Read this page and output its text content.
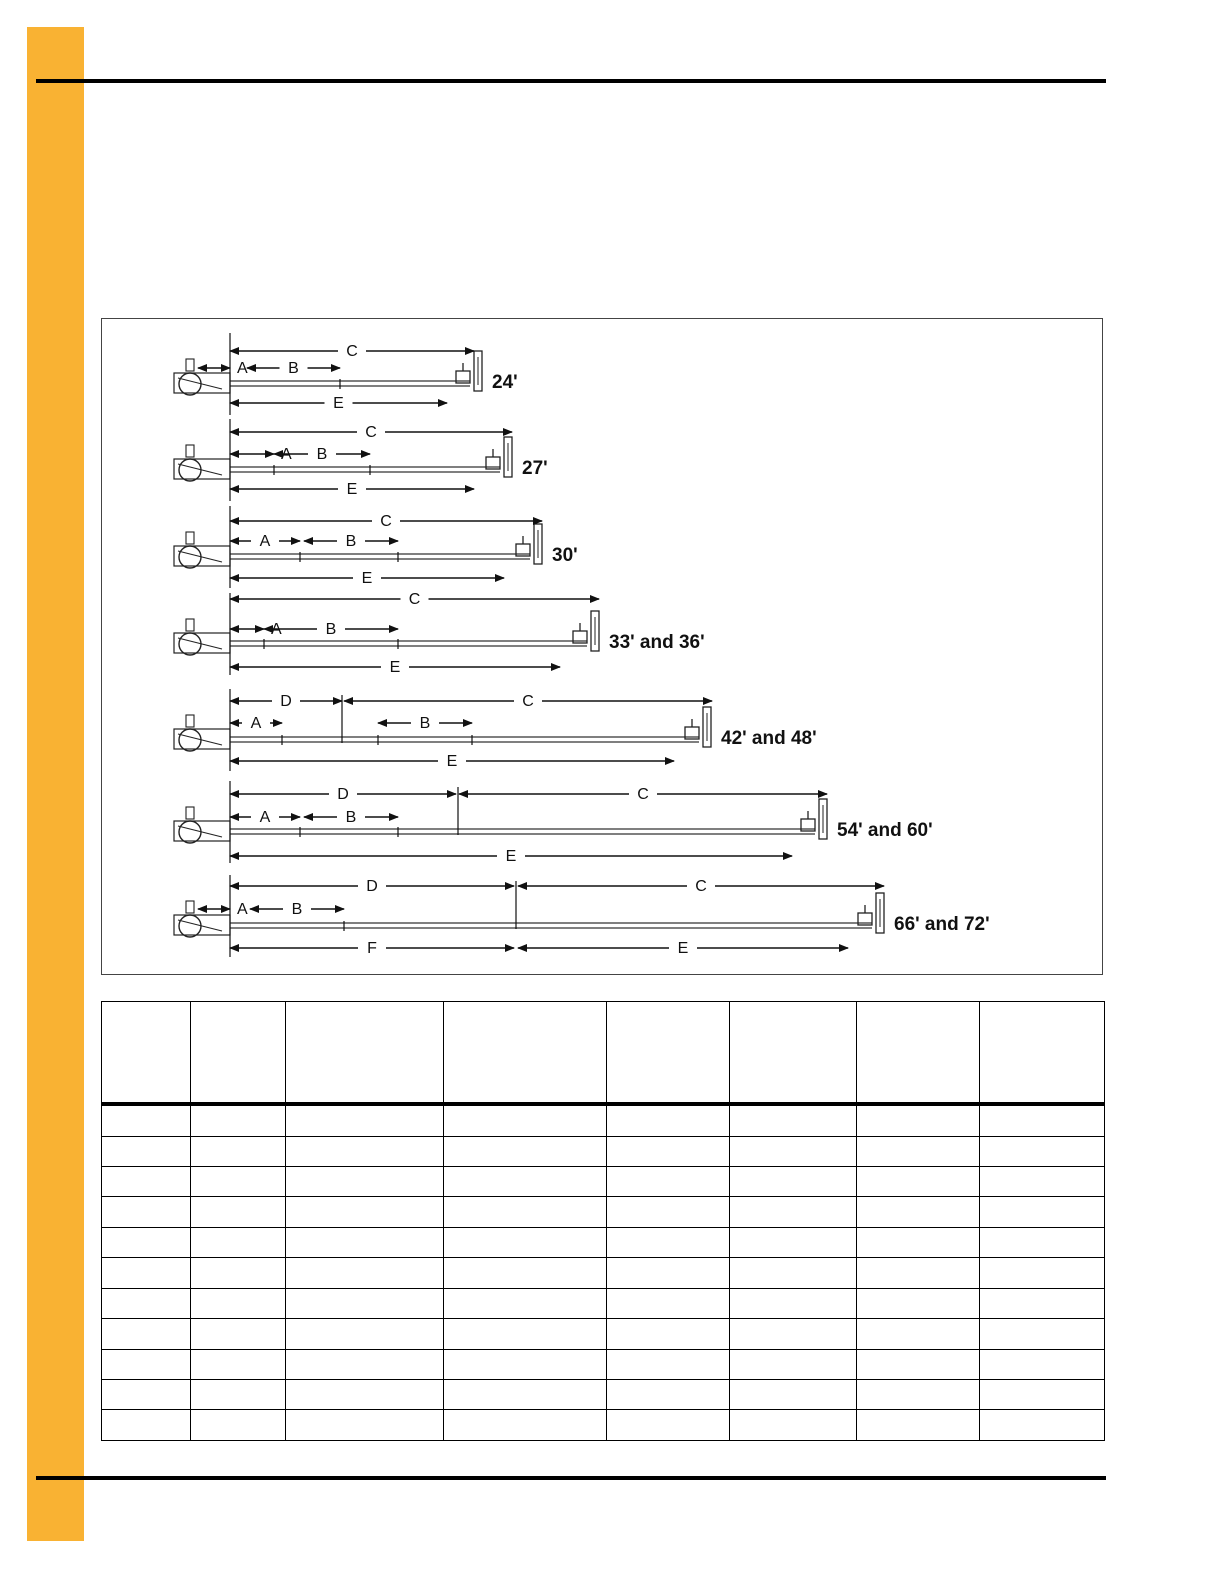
C
B
E
A
24'
C
B
E
A
27'
C
A	B
E
30'
C
B
E
A
33' and 36'
D	C
A	B
E
42' and 48'
D	C
A	B
E
54' and 60'
D	C
B
F	E
A
66' and 72'
